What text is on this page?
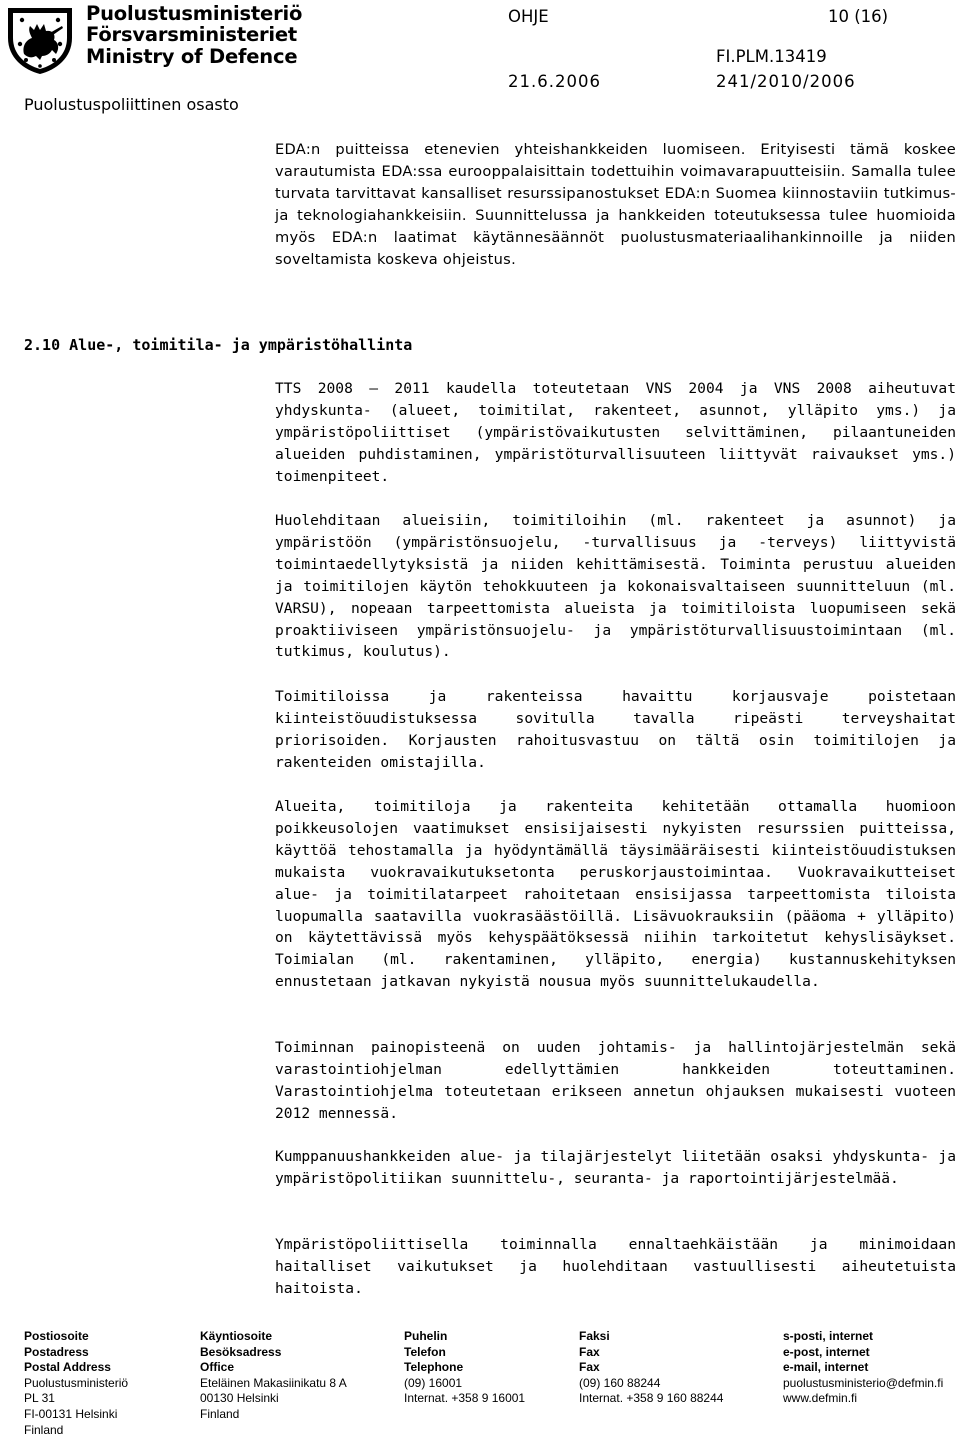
Puolustusministeriö
Försvarsministeriet
Ministry of Defence
Puolustuspoliittinen osasto
OHJE	10 (16)
21.6.2006
FI.PLM.13419
241/2010/2006
EDA:n puitteissa etenevien yhteishankkeiden luomiseen. Erityisesti tämä koskee varautumista EDA:ssa eurooppalaisittain todettuihin voimavarapuutteisiin. Samalla tulee turvata tarvittavat kansalliset resurssipanostukset EDA:n Suomea kiinnostaviin tutkimus- ja teknologiahankkeisiin. Suunnittelussa ja hankkeiden toteutuksessa tulee huomioida myös EDA:n laatimat käytännesäännöt puolustusmateriaalihankinnoille ja niiden soveltamista koskeva ohjeistus.
2.10 Alue-, toimitila- ja ympäristöhallinta
TTS 2008 — 2011 kaudella toteutetaan VNS 2004 ja VNS 2008 aiheutuvat yhdyskunta- (alueet, toimitilat, rakenteet, asunnot, ylläpito yms.) ja ympäristöpoliittiset (ympäristövaikutusten selvittäminen, pilaantuneiden alueiden puhdistaminen, ympäristöturvallisuuteen liittyvät raivaukset yms.) toimenpiteet.
Huolehditaan alueisiin, toimitiloihin (ml. rakenteet ja asunnot) ja ympäristöön (ympäristönsuojelu, -turvallisuus ja -terveys) liittyvistä toimintaedellytyksistä ja niiden kehittämisestä. Toiminta perustuu alueiden ja toimitilojen käytön tehokkuuteen ja kokonaisvaltaiseen suunnitteluun (ml. VARSU), nopeaan tarpeettomista alueista ja toimitiloista luopumiseen sekä proaktiiviseen ympäristönsuojelu- ja ympäristöturvallisuustoimintaan (ml. tutkimus, koulutus).
Toimitiloissa ja rakenteissa havaittu korjausvaje poistetaan kiinteistöuudistuksessa sovitulla tavalla ripeästi terveyshaitat priorisoiden. Korjausten rahoitusvastuu on tältä osin toimitilojen ja rakenteiden omistajilla.
Alueita, toimitiloja ja rakenteita kehitetään ottamalla huomioon poikkeusolojen vaatimukset ensisijaisesti nykyisten resurssien puitteissa, käyttöä tehostamalla ja hyödyntämällä täysimääräisesti kiinteistöuudistuksen mukaista vuokravaikutuksetonta peruskorjaustoimintaa. Vuokravaikutteiset alue- ja toimitilatarpeet rahoitetaan ensisijassa tarpeettomista tiloista luopumalla saatavilla vuokrasäästöillä. Lisävuokrauksiin (pääoma + ylläpito) on käytettävissä myös kehyspäätöksessä niihin tarkoitetut kehyslisäykset. Toimialan (ml. rakentaminen, ylläpito, energia) kustannuskehityksen ennustetaan jatkavan nykyistä nousua myös suunnittelukaudella.
Toiminnan painopisteenä on uuden johtamis- ja hallintojärjestelmän sekä varastointiohjelman edellyttämien hankkeiden toteuttaminen. Varastointiohjelma toteutetaan erikseen annetun ohjauksen mukaisesti vuoteen 2012 mennessä.
Kumppanuushankkeiden alue- ja tilajärjestelyt liitetään osaksi yhdyskunta- ja ympäristöpolitiikan suunnittelu-, seuranta- ja raportointijärjestelmää.
Ympäristöpoliittisella toiminnalla ennaltaehkäistään ja minimoidaan haitalliset vaikutukset ja huolehditaan vastuullisesti aiheutetuista haitoista.
Postiosoite
Postadress
Postal Address
Puolustusministeriö
PL 31
FI-00131 Helsinki
Finland
Käyntiosoite
Besöksadress
Office
Eteläinen Makasiinikatu 8 A
00130 Helsinki
Finland
Puhelin
Telefon
Telephone
(09) 16001
Internat. +358 9 16001
Faksi
Fax
Fax
(09) 160 88244
Internat. +358 9 160 88244
s-posti, internet
e-post, internet
e-mail, internet
puolustusministerio@defmin.fi
www.defmin.fi
